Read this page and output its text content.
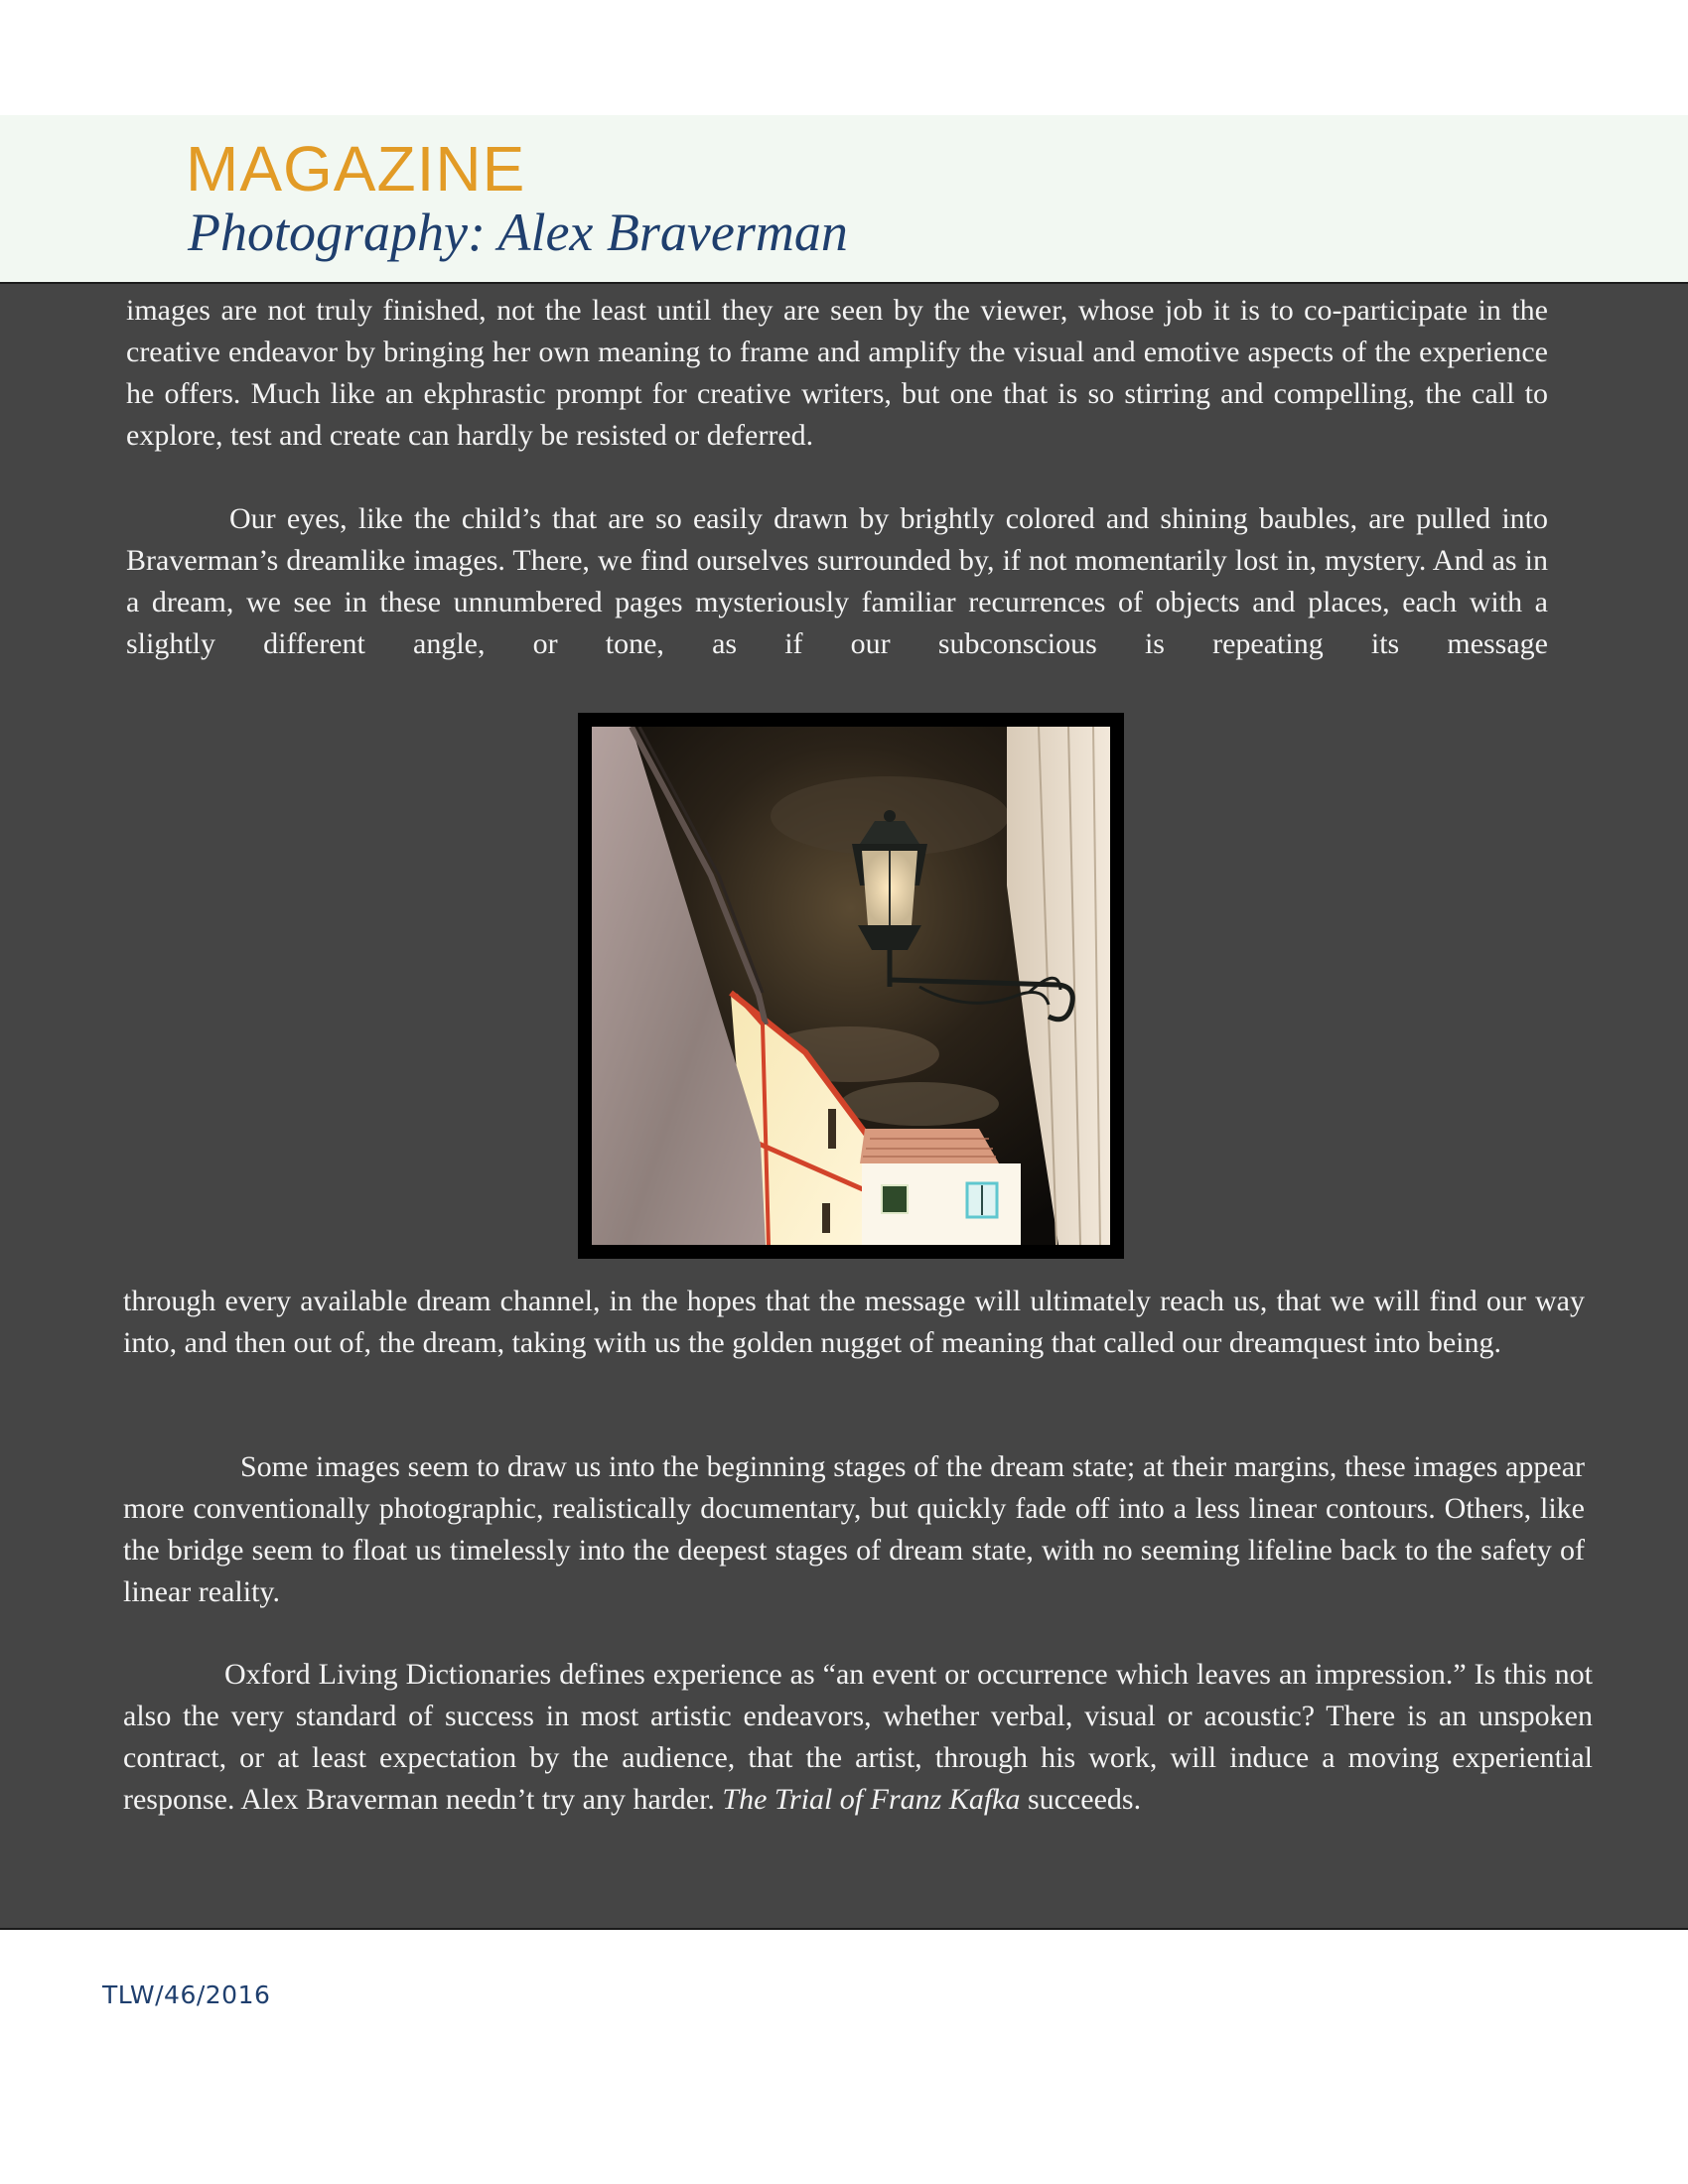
MAGAZINE
Photography: Alex Braverman

images are not truly finished, not the least until they are seen by the viewer, whose job it is to co-participate in the creative endeavor by bringing her own meaning to frame and amplify the visual and emotive aspects of the experience he offers. Much like an ekphrastic prompt for creative writers, but one that is so stirring and compelling, the call to explore, test and create can hardly be resisted or deferred.

Our eyes, like the child’s that are so easily drawn by brightly colored and shining baubles, are pulled into Braverman’s dreamlike images. There, we find ourselves surrounded by, if not momentarily lost in, mystery. And as in a dream, we see in these unnumbered pages mysteriously familiar recurrences of objects and places, each with a slightly different angle, or tone, as if our subconscious is repeating its message

through every available dream channel, in the hopes that the message will ultimately reach us, that we will find our way into, and then out of, the dream, taking with us the golden nugget of meaning that called our dreamquest into being.

Some images seem to draw us into the beginning stages of the dream state; at their margins, these images appear more conventionally photographic, realistically documentary, but quickly fade off into a less linear contours. Others, like the bridge seem to float us timelessly into the deepest stages of dream state, with no seeming lifeline back to the safety of linear reality.

Oxford Living Dictionaries defines experience as “an event or occurrence which leaves an impression.” Is this not also the very standard of success in most artistic endeavors, whether verbal, visual or acoustic? There is an unspoken contract, or at least expectation by the audience, that the artist, through his work, will induce a moving experiential response. Alex Braverman needn’t try any harder. The Trial of Franz Kafka succeeds.

TLW/46/2016
